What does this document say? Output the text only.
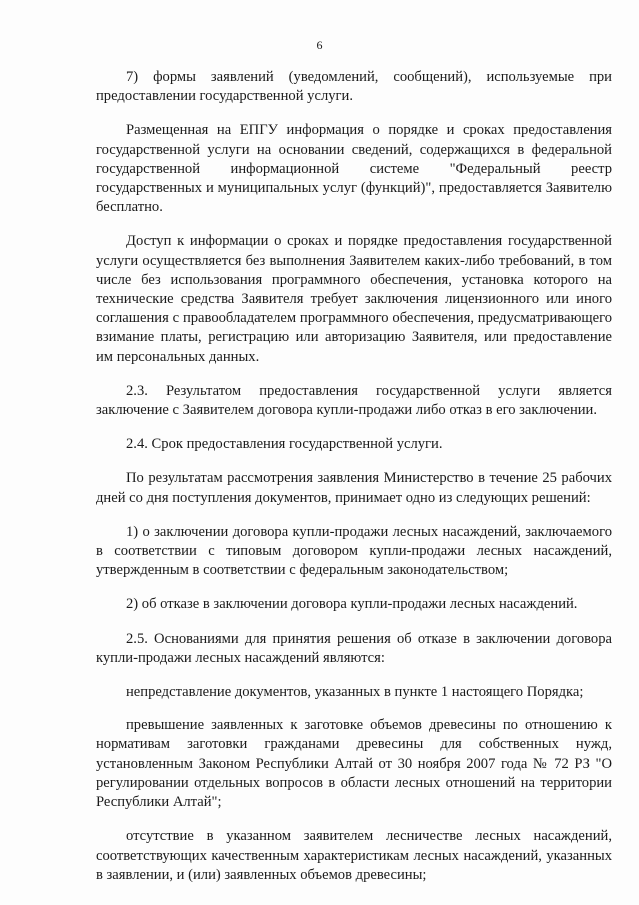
6

7) формы заявлений (уведомлений, сообщений), используемые при предоставлении государственной услуги.

Размещенная на ЕПГУ информация о порядке и сроках предоставления государственной услуги на основании сведений, содержащихся в федеральной государственной информационной системе "Федеральный реестр государственных и муниципальных услуг (функций)", предоставляется Заявителю бесплатно.

Доступ к информации о сроках и порядке предоставления государственной услуги осуществляется без выполнения Заявителем каких-либо требований, в том числе без использования программного обеспечения, установка которого на технические средства Заявителя требует заключения лицензионного или иного соглашения с правообладателем программного обеспечения, предусматривающего взимание платы, регистрацию или авторизацию Заявителя, или предоставление им персональных данных.

2.3. Результатом предоставления государственной услуги является заключение с Заявителем договора купли-продажи либо отказ в его заключении.

2.4. Срок предоставления государственной услуги.

По результатам рассмотрения заявления Министерство в течение 25 рабочих дней со дня поступления документов, принимает одно из следующих решений:

1) о заключении договора купли-продажи лесных насаждений, заключаемого в соответствии с типовым договором купли-продажи лесных насаждений, утвержденным в соответствии с федеральным законодательством;

2) об отказе в заключении договора купли-продажи лесных насаждений.

2.5. Основаниями для принятия решения об отказе в заключении договора купли-продажи лесных насаждений являются:

непредставление документов, указанных в пункте 1 настоящего Порядка;

превышение заявленных к заготовке объемов древесины по отношению к нормативам заготовки гражданами древесины для собственных нужд, установленным Законом Республики Алтай от 30 ноября 2007 года № 72 РЗ "О регулировании отдельных вопросов в области лесных отношений на территории Республики Алтай";

отсутствие в указанном заявителем лесничестве лесных насаждений, соответствующих качественным характеристикам лесных насаждений, указанных в заявлении, и (или) заявленных объемов древесины;
